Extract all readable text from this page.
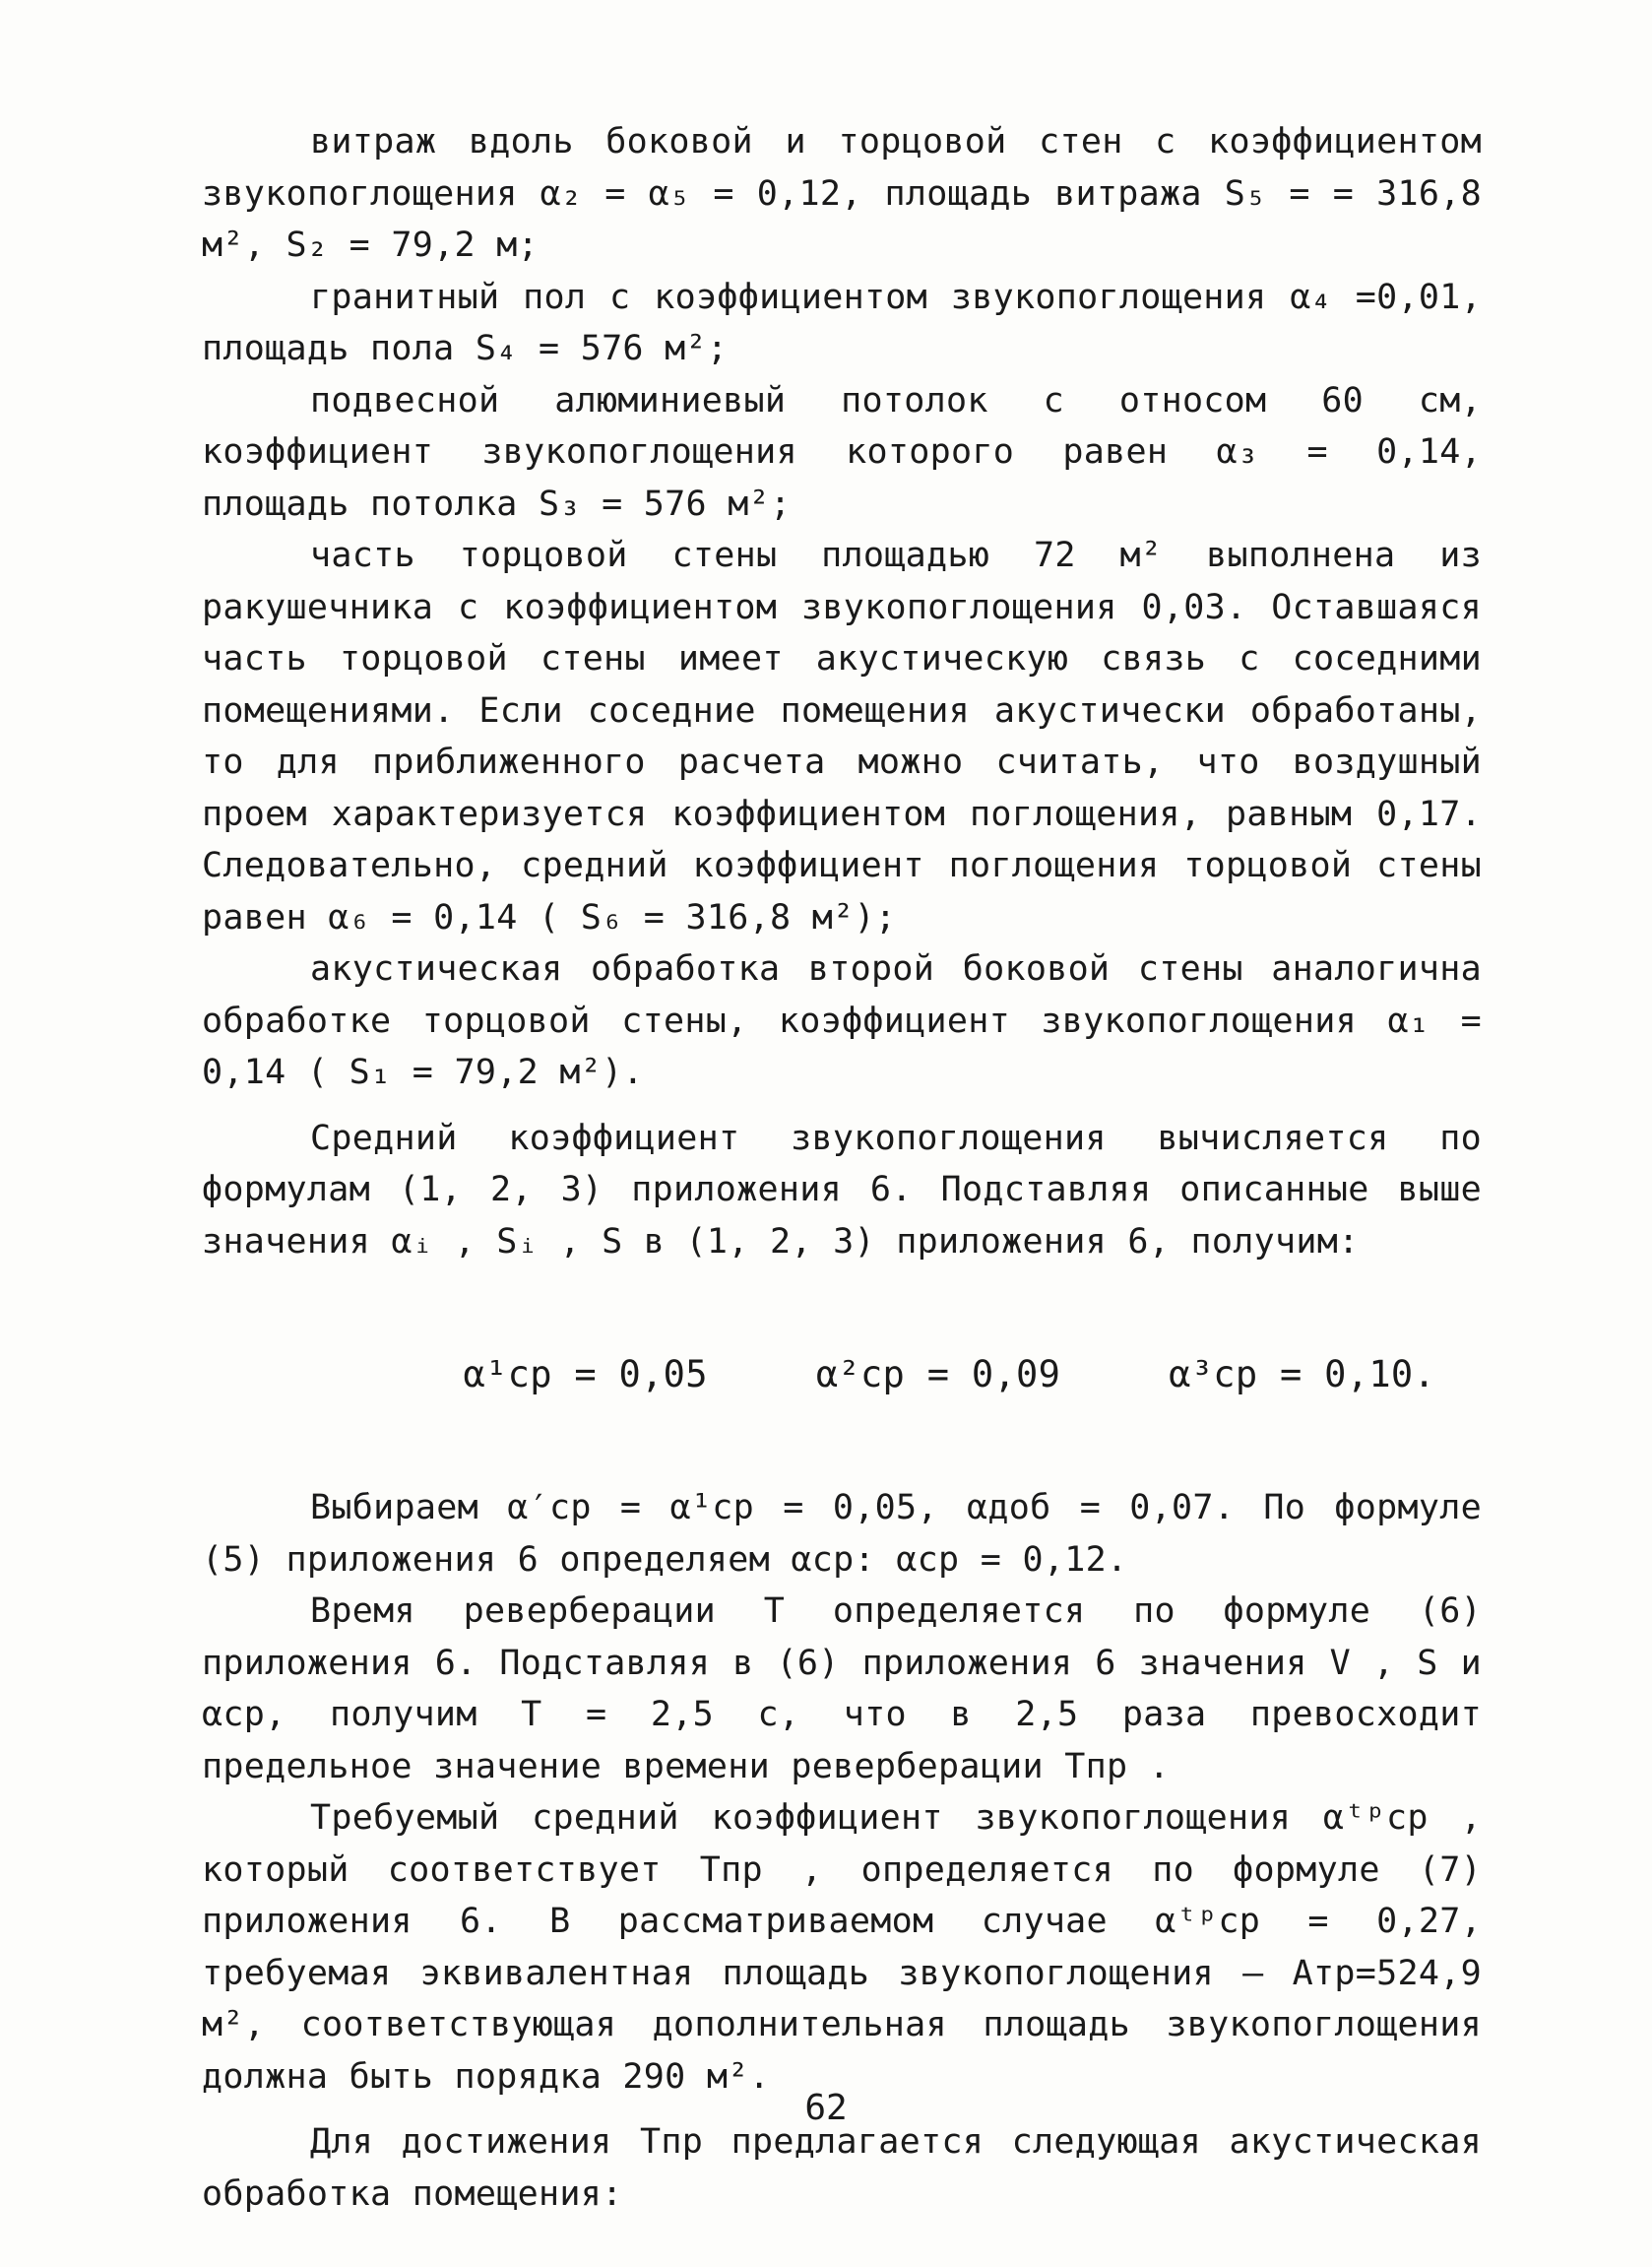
витраж вдоль боковой и торцовой стен с коэффициентом звукопоглощения α₂ = α₅ = 0,12, площадь витража S₅ = = 316,8 м², S₂ = 79,2 м;

гранитный пол с коэффициентом звукопоглощения α₄ =0,01, площадь пола S₄ = 576 м²;

подвесной алюминиевый потолок с относом 60 см, коэффициент звукопоглощения которого равен α₃ = 0,14, площадь потолка S₃ = 576 м²;

часть торцовой стены площадью 72 м² выполнена из ракушечника с коэффициентом звукопоглощения 0,03. Оставшаяся часть торцовой стены имеет акустическую связь с соседними помещениями. Если соседние помещения акустически обработаны, то для приближенного расчета можно считать, что воздушный проем характеризуется коэффициентом поглощения, равным 0,17. Следовательно, средний коэффициент поглощения торцовой стены равен α₆ = 0,14 ( S₆ = 316,8 м²);

акустическая обработка второй боковой стены аналогична обработке торцовой стены, коэффициент звукопоглощения α₁ = 0,14 ( S₁ = 79,2 м²).

Средний коэффициент звукопоглощения вычисляется по формулам (1, 2, 3) приложения 6. Подставляя описанные выше значения αᵢ , Sᵢ , S в (1, 2, 3) приложения 6, получим:

α¹ср = 0,05	α²ср = 0,09	α³ср = 0,10.

Выбираем α′ср = α¹ср = 0,05, αдоб = 0,07. По формуле (5) приложения 6 определяем αср: αср = 0,12.

Время реверберации T определяется по формуле (6) приложения 6. Подставляя в (6) приложения 6 значения V , S и αср, получим T = 2,5 с, что в 2,5 раза превосходит предельное значение времени реверберации Tпр .

Требуемый средний коэффициент звукопоглощения αᵗᵖср , который соответствует Tпр , определяется по формуле (7) приложения 6. В рассматриваемом случае αᵗᵖср = 0,27, требуемая эквивалентная площадь звукопоглощения – Aтр=524,9 м², соответствующая дополнительная площадь звукопоглощения должна быть порядка 290 м².

Для достижения Tпр предлагается следующая акустическая обработка помещения:

62
